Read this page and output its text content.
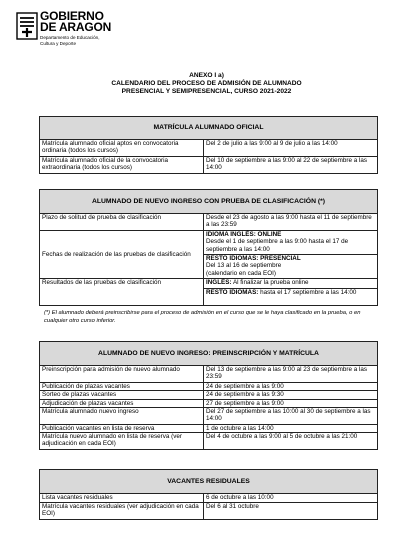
GOBIERNO
DE ARAGON
Departamento de Educación,
Cultura y Deporte
ANEXO I a)
CALENDARIO DEL PROCESO DE ADMISIÓN DE ALUMNADO
PRESENCIAL Y SEMIPRESENCIAL, CURSO 2021-2022
MATRÍCULA ALUMNADO OFICIAL	
Matrícula alumnado oficial aptos en convocatoria ordinaria (todos los cursos)	Del 2 de julio a las 9:00 al 9 de julio a las 14:00
Matrícula alumnado oficial de la convocatoria extraordinaria (todos los cursos)	Del 10 de septiembre a las 9:00 al 22 de septiembre a las 14:00
ALUMNADO DE NUEVO INGRESO CON PRUEBA DE CLASIFICACIÓN (*)	
Plazo de solitud de prueba de clasificación	Desde el 23 de agosto a las 9:00 hasta el 11 de septiembre a las 23:59
Fechas de realización de las pruebas de clasificación	IDIOMA INGLÉS: ONLINE
Desde el 1 de septiembre a las 9:00 hasta el 17 de septiembre a las 14:00

	RESTO IDIOMAS: PRESENCIAL
Del 13 al 16 de septiembre
(calendario en cada EOI)

Resultados de las pruebas de clasificación	INGLÉS: Al finalizar la prueba online
	RESTO IDIOMAS: hasta el 17 septiembre a las 14:00
(*) El alumnado deberá preinscribirse para el proceso de admisión en el curso que se le haya clasificado en la prueba, o en cualquier otro curso inferior.
ALUMNADO DE NUEVO INGRESO: PREINSCRIPCIÓN Y MATRÍCULA	
Preinscripción para admisión de nuevo alumnado	Del 13 de septiembre a las 9:00 al 23 de septiembre a las 23:59
Publicación de plazas vacantes	24 de septiembre a las 9:00
Sorteo de plazas vacantes	24 de septiembre a las 9:30
Adjudicación de plazas vacantes	27 de septiembre a las 9:00
Matrícula alumnado nuevo ingreso	Del 27 de septiembre a las 10:00 al 30 de septiembre a las 14:00
Publicación vacantes en lista de reserva	1 de octubre a las 14:00
Matrícula nuevo alumnado en lista de reserva (ver adjudicación en cada EOI)	Del 4 de octubre a las 9:00 al 5 de octubre a las 21:00
VACANTES RESIDUALES	
Lista vacantes residuales	6 de octubre a las 10:00
Matrícula vacantes residuales (ver adjudicación en cada EOI)	Del 6 al 31 octubre
